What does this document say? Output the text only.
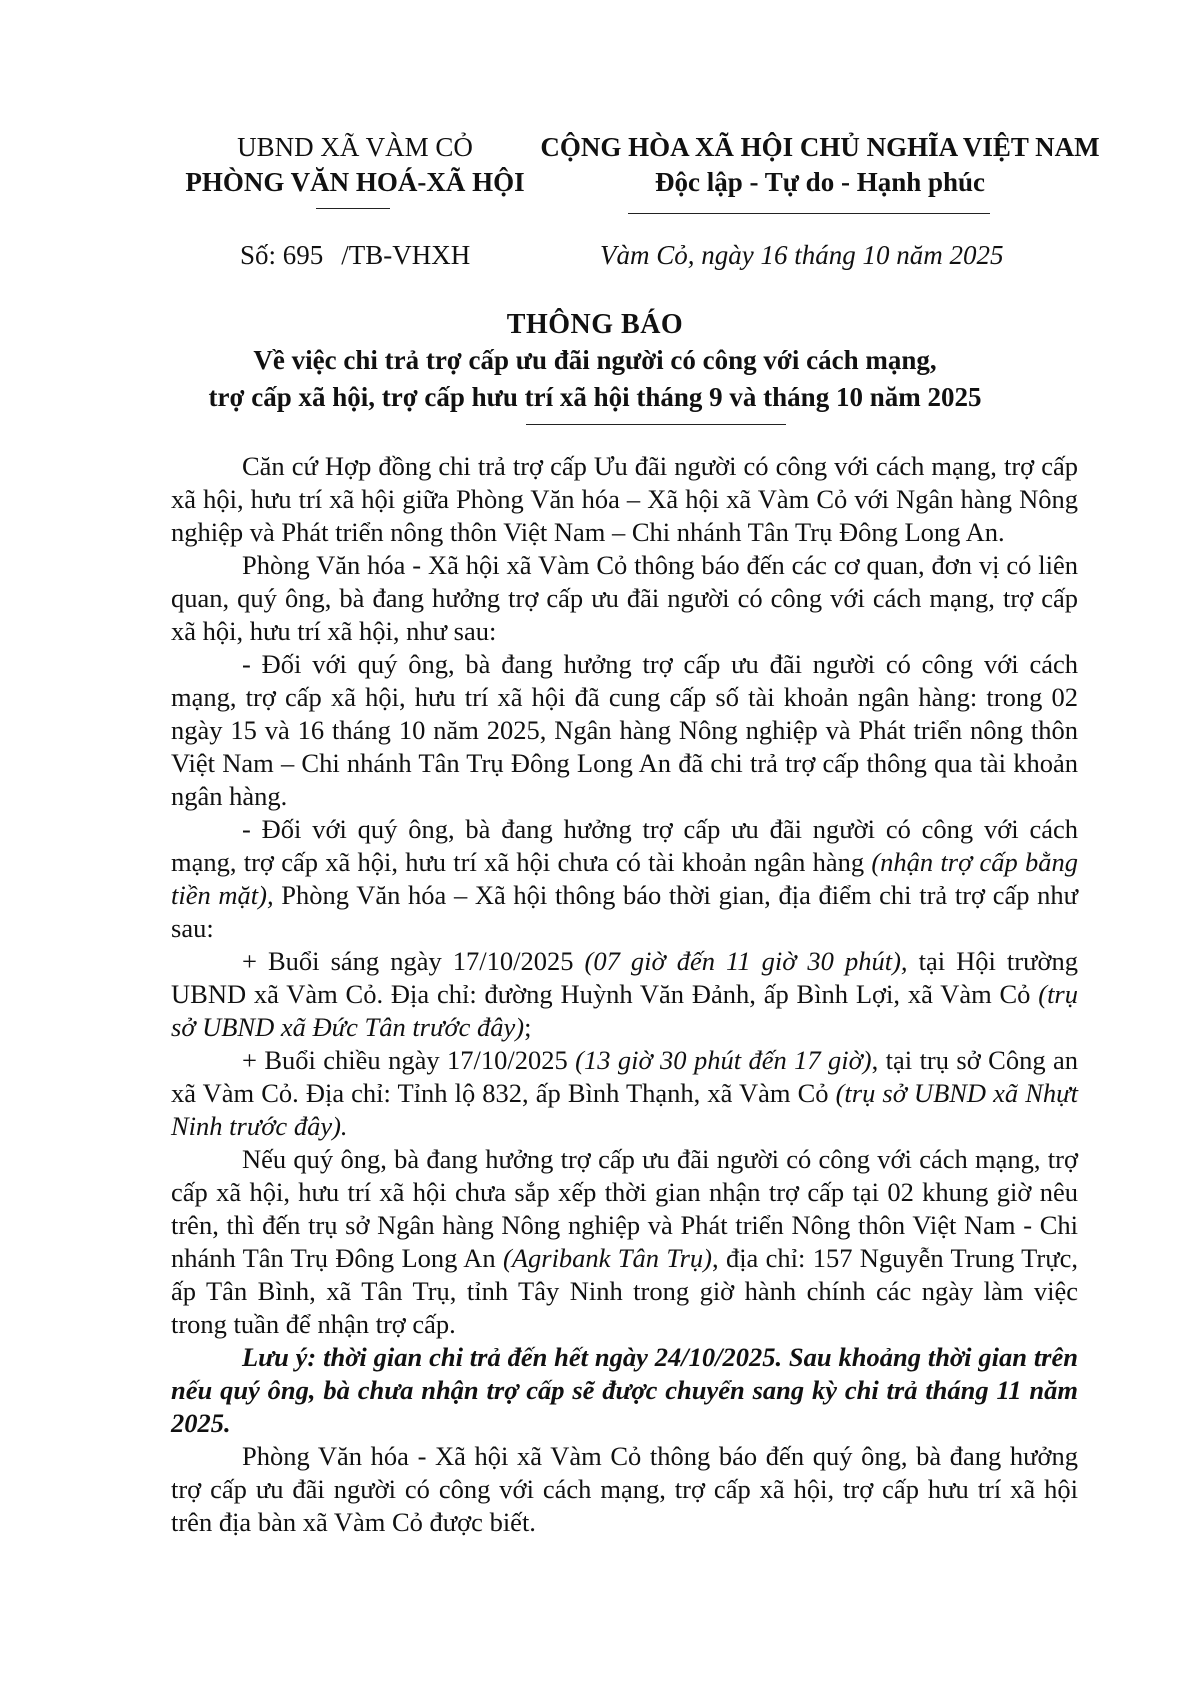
UBND XÃ VÀM CỎ
PHÒNG VĂN HOÁ-XÃ HỘI
CỘNG HÒA XÃ HỘI CHỦ NGHĨA VIỆT NAM
Độc lập - Tự do - Hạnh phúc
Số: 695 /TB-VHXH	Vàm Cỏ, ngày 16 tháng 10 năm 2025
THÔNG BÁO
Về việc chi trả trợ cấp ưu đãi người có công với cách mạng,
trợ cấp xã hội, trợ cấp hưu trí xã hội tháng 9 và tháng 10 năm 2025

Căn cứ Hợp đồng chi trả trợ cấp Ưu đãi người có công với cách mạng, trợ cấp xã hội, hưu trí xã hội giữa Phòng Văn hóa – Xã hội xã Vàm Cỏ với Ngân hàng Nông nghiệp và Phát triển nông thôn Việt Nam – Chi nhánh Tân Trụ Đông Long An.

Phòng Văn hóa - Xã hội xã Vàm Cỏ thông báo đến các cơ quan, đơn vị có liên quan, quý ông, bà đang hưởng trợ cấp ưu đãi người có công với cách mạng, trợ cấp xã hội, hưu trí xã hội, như sau:

- Đối với quý ông, bà đang hưởng trợ cấp ưu đãi người có công với cách mạng, trợ cấp xã hội, hưu trí xã hội đã cung cấp số tài khoản ngân hàng: trong 02 ngày 15 và 16 tháng 10 năm 2025, Ngân hàng Nông nghiệp và Phát triển nông thôn Việt Nam – Chi nhánh Tân Trụ Đông Long An đã chi trả trợ cấp thông qua tài khoản ngân hàng.

- Đối với quý ông, bà đang hưởng trợ cấp ưu đãi người có công với cách mạng, trợ cấp xã hội, hưu trí xã hội chưa có tài khoản ngân hàng (nhận trợ cấp bằng tiền mặt), Phòng Văn hóa – Xã hội thông báo thời gian, địa điểm chi trả trợ cấp như sau:

+ Buổi sáng ngày 17/10/2025 (07 giờ đến 11 giờ 30 phút), tại Hội trường UBND xã Vàm Cỏ. Địa chỉ: đường Huỳnh Văn Đảnh, ấp Bình Lợi, xã Vàm Cỏ (trụ sở UBND xã Đức Tân trước đây);

+ Buổi chiều ngày 17/10/2025 (13 giờ 30 phút đến 17 giờ), tại trụ sở Công an xã Vàm Cỏ. Địa chỉ: Tỉnh lộ 832, ấp Bình Thạnh, xã Vàm Cỏ (trụ sở UBND xã Nhựt Ninh trước đây).

Nếu quý ông, bà đang hưởng trợ cấp ưu đãi người có công với cách mạng, trợ cấp xã hội, hưu trí xã hội chưa sắp xếp thời gian nhận trợ cấp tại 02 khung giờ nêu trên, thì đến trụ sở Ngân hàng Nông nghiệp và Phát triển Nông thôn Việt Nam - Chi nhánh Tân Trụ Đông Long An (Agribank Tân Trụ), địa chỉ: 157 Nguyễn Trung Trực, ấp Tân Bình, xã Tân Trụ, tỉnh Tây Ninh trong giờ hành chính các ngày làm việc trong tuần để nhận trợ cấp.

Lưu ý: thời gian chi trả đến hết ngày 24/10/2025. Sau khoảng thời gian trên nếu quý ông, bà chưa nhận trợ cấp sẽ được chuyển sang kỳ chi trả tháng 11 năm 2025.

Phòng Văn hóa - Xã hội xã Vàm Cỏ thông báo đến quý ông, bà đang hưởng trợ cấp ưu đãi người có công với cách mạng, trợ cấp xã hội, trợ cấp hưu trí xã hội trên địa bàn xã Vàm Cỏ được biết.
